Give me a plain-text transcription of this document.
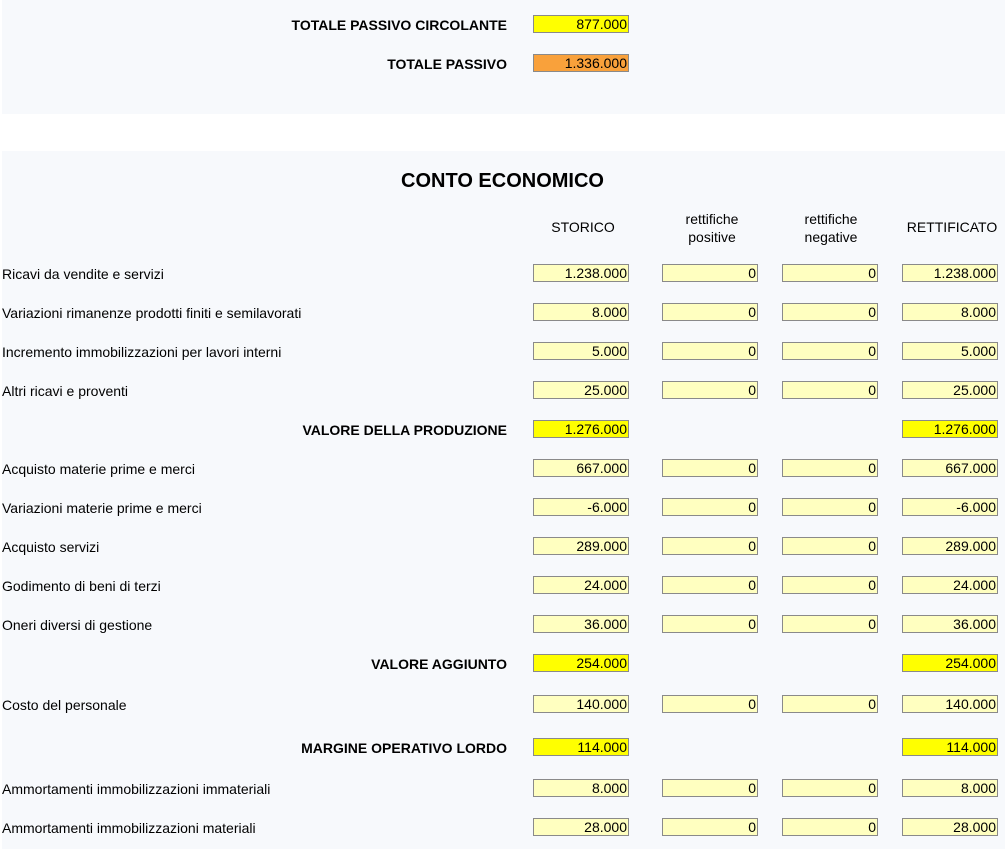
TOTALE PASSIVO CIRCOLANTE
877.000
TOTALE PASSIVO
1.336.000
CONTO ECONOMICO
STORICO	rettifiche
positive
rettifiche
negative
RETTIFICATO
Ricavi da vendite e servizi
1.238.000
0
0
1.238.000
Variazioni rimanenze prodotti finiti e semilavorati
8.000
0
0
8.000
Incremento immobilizzazioni per lavori interni
5.000
0
0
5.000
Altri ricavi e proventi
25.000
0
0
25.000
VALORE DELLA PRODUZIONE
1.276.000
1.276.000
Acquisto materie prime e merci
667.000
0
0
667.000
Variazioni materie prime e merci
-6.000
0
0
-6.000
Acquisto servizi
289.000
0
0
289.000
Godimento di beni di terzi
24.000
0
0
24.000
Oneri diversi di gestione
36.000
0
0
36.000
VALORE AGGIUNTO
254.000
254.000
Costo del personale
140.000
0
0
140.000
MARGINE OPERATIVO LORDO
114.000
114.000
Ammortamenti immobilizzazioni immateriali
8.000
0
0
8.000
Ammortamenti immobilizzazioni materiali
28.000
0
0
28.000
